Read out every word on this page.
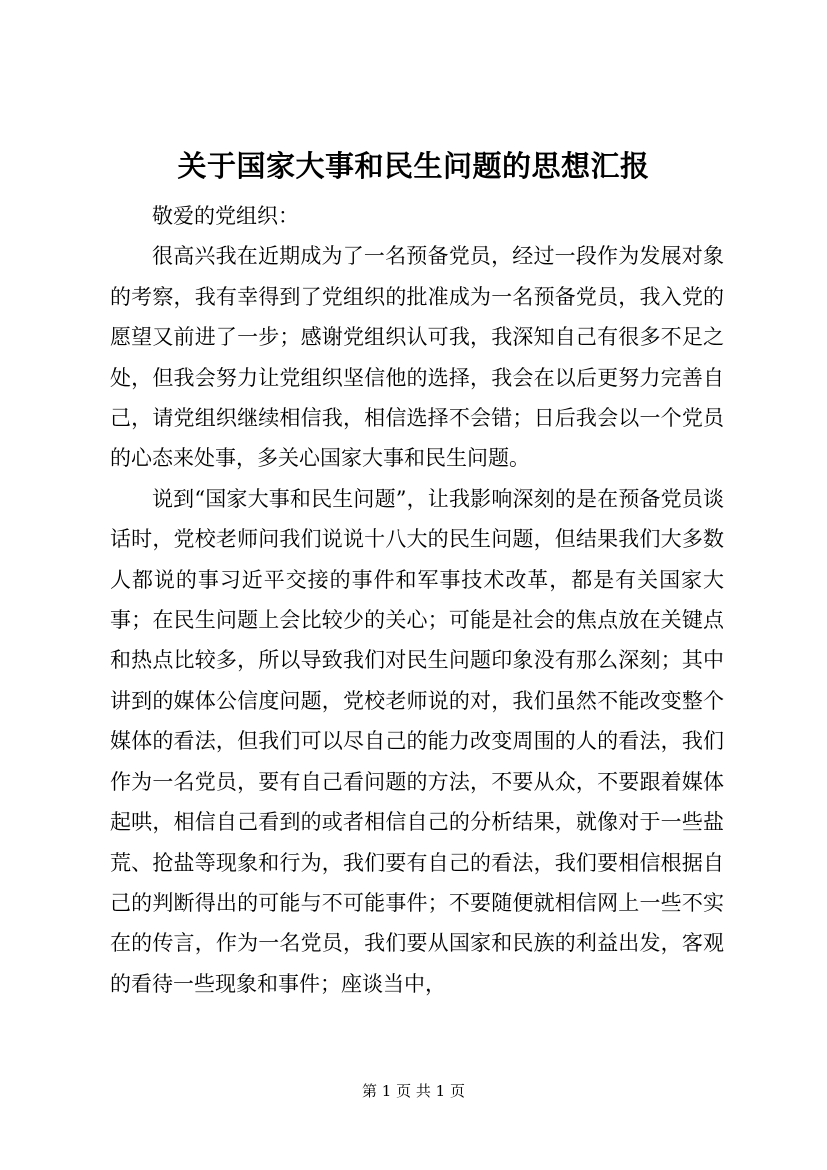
关于国家大事和民生问题的思想汇报

敬爱的党组织：

很高兴我在近期成为了一名预备党员，经过一段作为发展对象的考察，我有幸得到了党组织的批准成为一名预备党员，我入党的愿望又前进了一步；感谢党组织认可我，我深知自己有很多不足之处，但我会努力让党组织坚信他的选择，我会在以后更努力完善自己，请党组织继续相信我，相信选择不会错；日后我会以一个党员的心态来处事，多关心国家大事和民生问题。

说到“国家大事和民生问题”，让我影响深刻的是在预备党员谈话时，党校老师问我们说说十八大的民生问题，但结果我们大多数人都说的事习近平交接的事件和军事技术改革，都是有关国家大事；在民生问题上会比较少的关心；可能是社会的焦点放在关键点和热点比较多，所以导致我们对民生问题印象没有那么深刻；其中讲到的媒体公信度问题，党校老师说的对，我们虽然不能改变整个媒体的看法，但我们可以尽自己的能力改变周围的人的看法，我们作为一名党员，要有自己看问题的方法，不要从众，不要跟着媒体起哄，相信自己看到的或者相信自己的分析结果，就像对于一些盐荒、抢盐等现象和行为，我们要有自己的看法，我们要相信根据自己的判断得出的可能与不可能事件；不要随便就相信网上一些不实在的传言，作为一名党员，我们要从国家和民族的利益出发，客观的看待一些现象和事件；座谈当中，

第 1 页 共 1 页
